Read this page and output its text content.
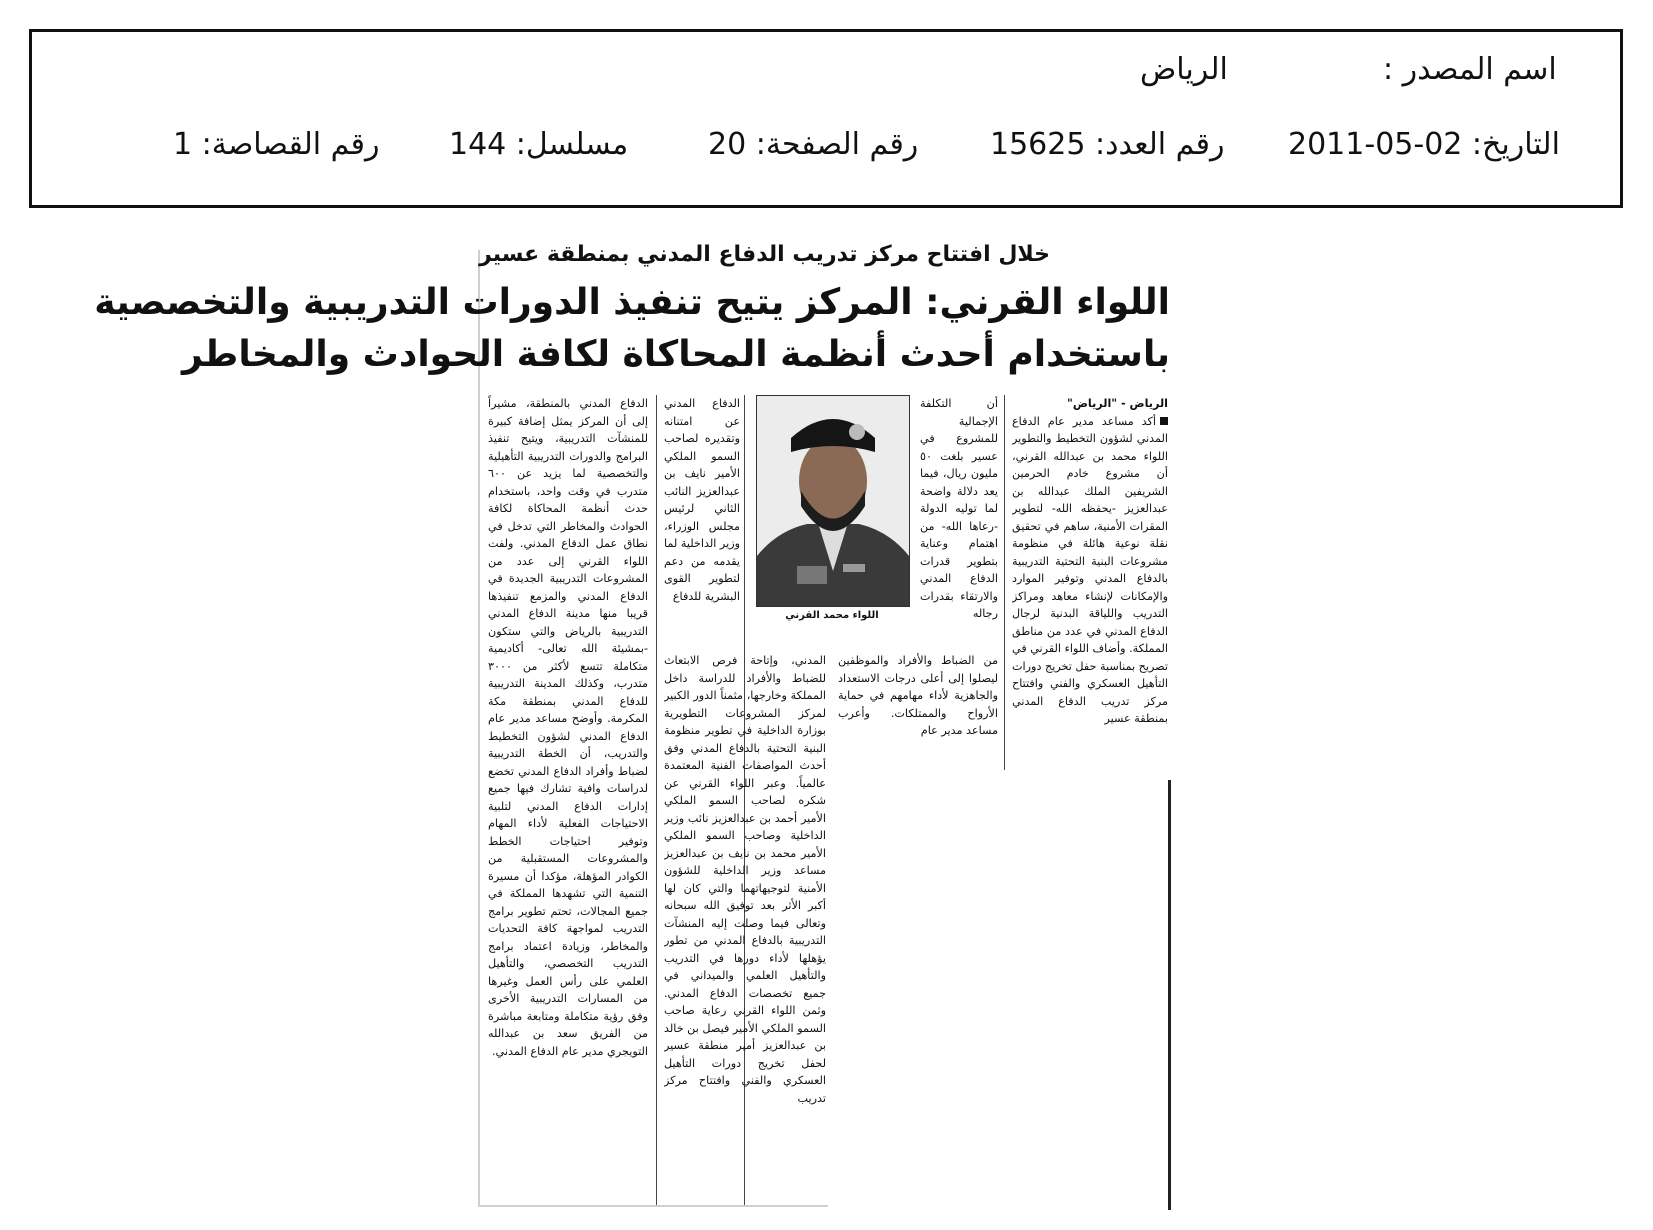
اسم المصدر :
الرياض
التاريخ: 02-05-2011
رقم العدد: 15625
رقم الصفحة: 20
مسلسل: 144
رقم القصاصة: 1
خلال افتتاح مركز تدريب الدفاع المدني بمنطقة عسير
اللواء القرني: المركز يتيح تنفيذ الدورات التدريبية والتخصصية
باستخدام أحدث أنظمة المحاكاة لكافة الحوادث والمخاطر

الرياض - "الرياض"
أكد مساعد مدير عام الدفاع المدني لشؤون التخطيط والتطوير اللواء محمد بن عبدالله القرني، أن مشروع خادم الحرمين الشريفين الملك عبدالله بن عبدالعزيز -يحفظه الله- لتطوير المقرات الأمنية، ساهم في تحقيق نقلة نوعية هائلة في منظومة مشروعات البنية التحتية التدريبية بالدفاع المدني وتوفير الموارد والإمكانات لإنشاء معاهد ومراكز التدريب واللياقة البدنية لرجال الدفاع المدني في عدد من مناطق المملكة. وأضاف اللواء القرني في تصريح بمناسبة حفل تخريج دورات التأهيل العسكري والفني وافتتاح مركز تدريب الدفاع المدني بمنطقة عسير

أن التكلفة الإجمالية للمشروع في عسير بلغت ٥٠ مليون ريال، فيما يعد دلالة واضحة لما توليه الدولة -رعاها الله- من اهتمام وعناية بتطوير قدرات الدفاع المدني والارتقاء بقدرات رجاله

من الضباط والأفراد والموظفين ليصلوا إلى أعلى درجات الاستعداد والجاهزية لأداء مهامهم في حماية الأرواح والممتلكات. وأعرب مساعد مدير عام

اللواء محمد القرني

الدفاع المدني عن امتنانه وتقديره لصاحب السمو الملكي الأمير نايف بن عبدالعزيز النائب الثاني لرئيس مجلس الوزراء، وزير الداخلية لما يقدمه من دعم لتطوير القوى البشرية للدفاع

المدني، وإتاحة فرص الابتعاث للضباط والأفراد للدراسة داخل المملكة وخارجها، مثمناً الدور الكبير لمركز المشروعات التطويرية بوزارة الداخلية في تطوير منظومة البنية التحتية بالدفاع المدني وفق أحدث المواصفات الفنية المعتمدة عالمياً. وعبر اللواء القرني عن شكره لصاحب السمو الملكي الأمير أحمد بن عبدالعزيز نائب وزير الداخلية وصاحب السمو الملكي الأمير محمد بن نايف بن عبدالعزيز مساعد وزير الداخلية للشؤون الأمنية لتوجيهاتهما والتي كان لها أكبر الأثر بعد توفيق الله سبحانه وتعالى فيما وصلت إليه المنشآت التدريبية بالدفاع المدني من تطور يؤهلها لأداء دورها في التدريب والتأهيل العلمي والميداني في جميع تخصصات الدفاع المدني. وثمن اللواء القرني رعاية صاحب السمو الملكي الأمير فيصل بن خالد بن عبدالعزيز أمير منطقة عسير لحفل تخريج دورات التأهيل العسكري والفني وافتتاح مركز تدريب

الدفاع المدني بالمنطقة، مشيراً إلى أن المركز يمثل إضافة كبيرة للمنشآت التدريبية، ويتيح تنفيذ البرامج والدورات التدريبية التأهيلية والتخصصية لما يزيد عن ٦٠٠ متدرب في وقت واحد، باستخدام حدث أنظمة المحاكاة لكافة الحوادث والمخاطر التي تدخل في نطاق عمل الدفاع المدني. ولفت اللواء القرني إلى عدد من المشروعات التدريبية الجديدة في الدفاع المدني والمزمع تنفيذها قريبا منها مدينة الدفاع المدني التدريبية بالرياض والتي ستكون -بمشيئة الله تعالى- أكاديمية متكاملة تتسع لأكثر من ٣٠٠٠ متدرب، وكذلك المدينة التدريبية للدفاع المدني بمنطقة مكة المكرمة. وأوضح مساعد مدير عام الدفاع المدني لشؤون التخطيط والتدريب، أن الخطة التدريبية لضباط وأفراد الدفاع المدني تخضع لدراسات وافية تشارك فيها جميع إدارات الدفاع المدني لتلبية الاحتياجات الفعلية لأداء المهام وتوفير احتياجات الخطط والمشروعات المستقبلية من الكوادر المؤهلة، مؤكدا أن مسيرة التنمية التي تشهدها المملكة في جميع المجالات، تحتم تطوير برامج التدريب لمواجهة كافة التحديات والمخاطر، وزيادة اعتماد برامج التدريب التخصصي، والتأهيل العلمي على رأس العمل وغيرها من المسارات التدريبية الأخرى وفق رؤية متكاملة ومتابعة مباشرة من الفريق سعد بن عبدالله التويجري مدير عام الدفاع المدني.
